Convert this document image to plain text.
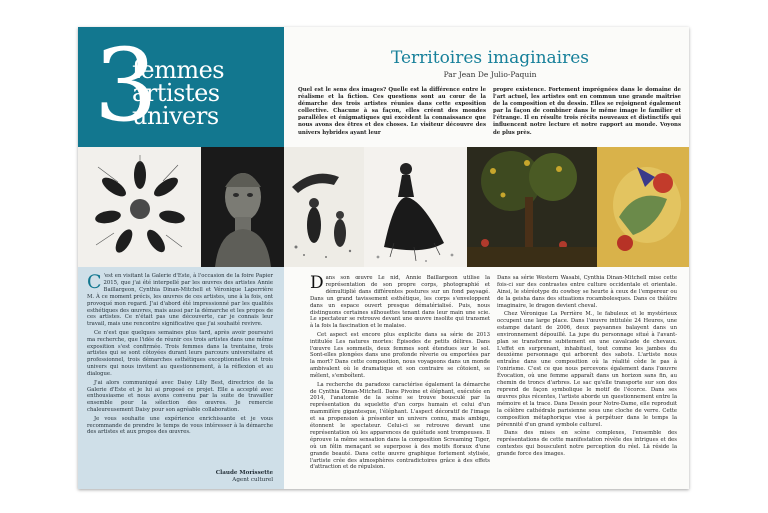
3
femmes
artistes
univers
Territoires imaginaires
Par Jean De Julio-Paquin
Quel est le sens des images? Quelle est la différence entre le réalisme et la fiction. Ces questions sont au cœur de la démarche des trois artistes réunies dans cette exposition collective. Chacune à sa façon, elles créent des mondes parallèles et énigmatiques qui excèdent la connaissance que nous avons des êtres et des choses. Le visiteur découvre des univers hybrides ayant leur
propre existence. Fortement imprégnées dans le domaine de l'art actuel, les artistes ont en commun une grande maîtrise de la composition et du dessin. Elles se rejoignent également par la façon de combiner dans le même image le familier et l'étrange. Il en résulte trois récits nouveaux et distinctifs qui influencent notre lecture et notre rapport au monde. Voyons de plus près.

C 'est en visitant la Galerie d'Este, à l'occasion de la foire Papier 2015, que j'ai été interpellé par les œuvres des artistes Annie Baillargeon, Cynthia Dinan-Mitchell et Véronique Laperrière M. À ce moment précis, les œuvres de ces artistes, une à la fois, ont provoqué mon regard. J'ai d'abord été impressionné par les qualités esthétiques des œuvres, mais aussi par la démarche et les propos de ces artistes. Ce n'était pas une découverte, car je connais leur travail, mais une rencontre significative que j'ai souhaité revivre.

Ce n'est que quelques semaines plus tard, après avoir poursuivi ma recherche, que l'idée de réunir ces trois artistes dans une même exposition s'est confirmée. Trois femmes dans la trentaine, trois artistes qui se sont côtoyées durant leurs parcours universitaire et professionnel, trois démarches esthétiques exceptionnelles et trois univers qui nous invitent au questionnement, à la réflexion et au dialogue.

J'ai alors communiqué avec Daisy Lilly Best, directrice de la Galerie d'Este et je lui ai proposé ce projet. Elle a accepté avec enthousiasme et nous avons convenu par la suite de travailler ensemble pour la sélection des œuvres. Je remercie chaleureusement Daisy pour son agréable collaboration.

Je vous souhaite une expérience enrichissante et je vous recommande de prendre le temps de vous intéresser à la démarche des artistes et aux propos des œuvres.

Claude Morissette
Agent culturel

Dans son œuvre Le nid, Annie Baillargeon utilise la représentation de son propre corps, photographié et démultiplié dans différentes postures sur un fond paysagé. Dans un grand tavissement esthétique, les corps s'enveloppent dans un espace ouvert presque dématérialisé. Puis, nous distinguons certaines silhouettes tenant dans leur main une scie. Le spectateur se retrouve devant une œuvre insolite qui transmet à la fois la fascination et le malaise.

Cet aspect est encore plus explicite dans sa série de 2013 intitulée Les natures mortes: Épisodes de petits délires. Dans l'œuvre Les sommeils, deux femmes sont étendues sur le sol. Sont-elles plongées dans une profonde rêverie ou emportées par la mort? Dans cette composition, nous voyageons dans un monde ambivalent où le dramatique et son contraire se côtoient, se mêlent, s'emboîtent.

La recherche du paradoxe caractérise également la démarche de Cynthia Dinan-Mitchell. Dans Pivoine et éléphant, exécutée en 2014, l'anatomie de la scène se trouve bousculé par la représentation du squelette d'un corps humain et celui d'un mammifère gigantesque, l'éléphant. L'aspect décoratif de l'image et sa propension à présenter un univers connu, mais ambigu, étonnent le spectateur. Celui-ci se retrouve devant une représentation où les apparences de quiétude sont trompeuses. Il éprouve la même sensation dans la composition Screaming Tiger, où un félin menaçant se superpose à des motifs floraux d'une grande beauté. Dans cette œuvre graphique fortement stylisée, l'artiste crée des atmosphères contradictoires grâce à des effets d'attraction et de répulsion.

Dans sa série Western Wasabi, Cynthia Dinan-Mitchell mise cette fois-ci sur des contrastes entre culture occidentale et orientale. Ainsi, le stéréotype du cowboy se heurte à ceux de l'empereur ou de la geisha dans des situations rocambolesques. Dans ce théâtre imaginaire, le dragon devient cheval.

Chez Véronique La Perrière M., le fabuleux et le mystérieux occupent une large place. Dans l'œuvre intitulée 24 Heures, une estampe datant de 2006, deux paysannes balayent dans un environnement dépouillé. La jupe du personnage situé à l'avant-plan se transforme subitement en une cavalcade de chevaux. L'effet en surprenant, inhabituel, tout comme les jambes du deuxième personnage qui arborent des sabots. L'artiste nous entraîne dans une composition où la réalité cède le pas à l'onirisme. C'est ce que nous percevons également dans l'œuvre Évocation, où une femme apparaît dans un horizon sans fin, au chemin de troncs d'arbres. Le sac qu'elle transporte sur son dos reprend de façon symbolique le motif de l'écorce. Dans ses œuvres plus récentes, l'artiste aborde un questionnement entre la mémoire et la trace. Dans Dessin pour Notre-Dame, elle reproduit la célèbre cathédrale parisienne sous une cloche de verre. Cette composition métaphorique vise à perpétuer dans le temps la pérennité d'un grand symbole culturel.

Dans des mises en scène complexes, l'ensemble des représentations de cette manifestation révèle des intrigues et des contextes qui bousculent notre perception du réel. Là réside la grande force des images.
